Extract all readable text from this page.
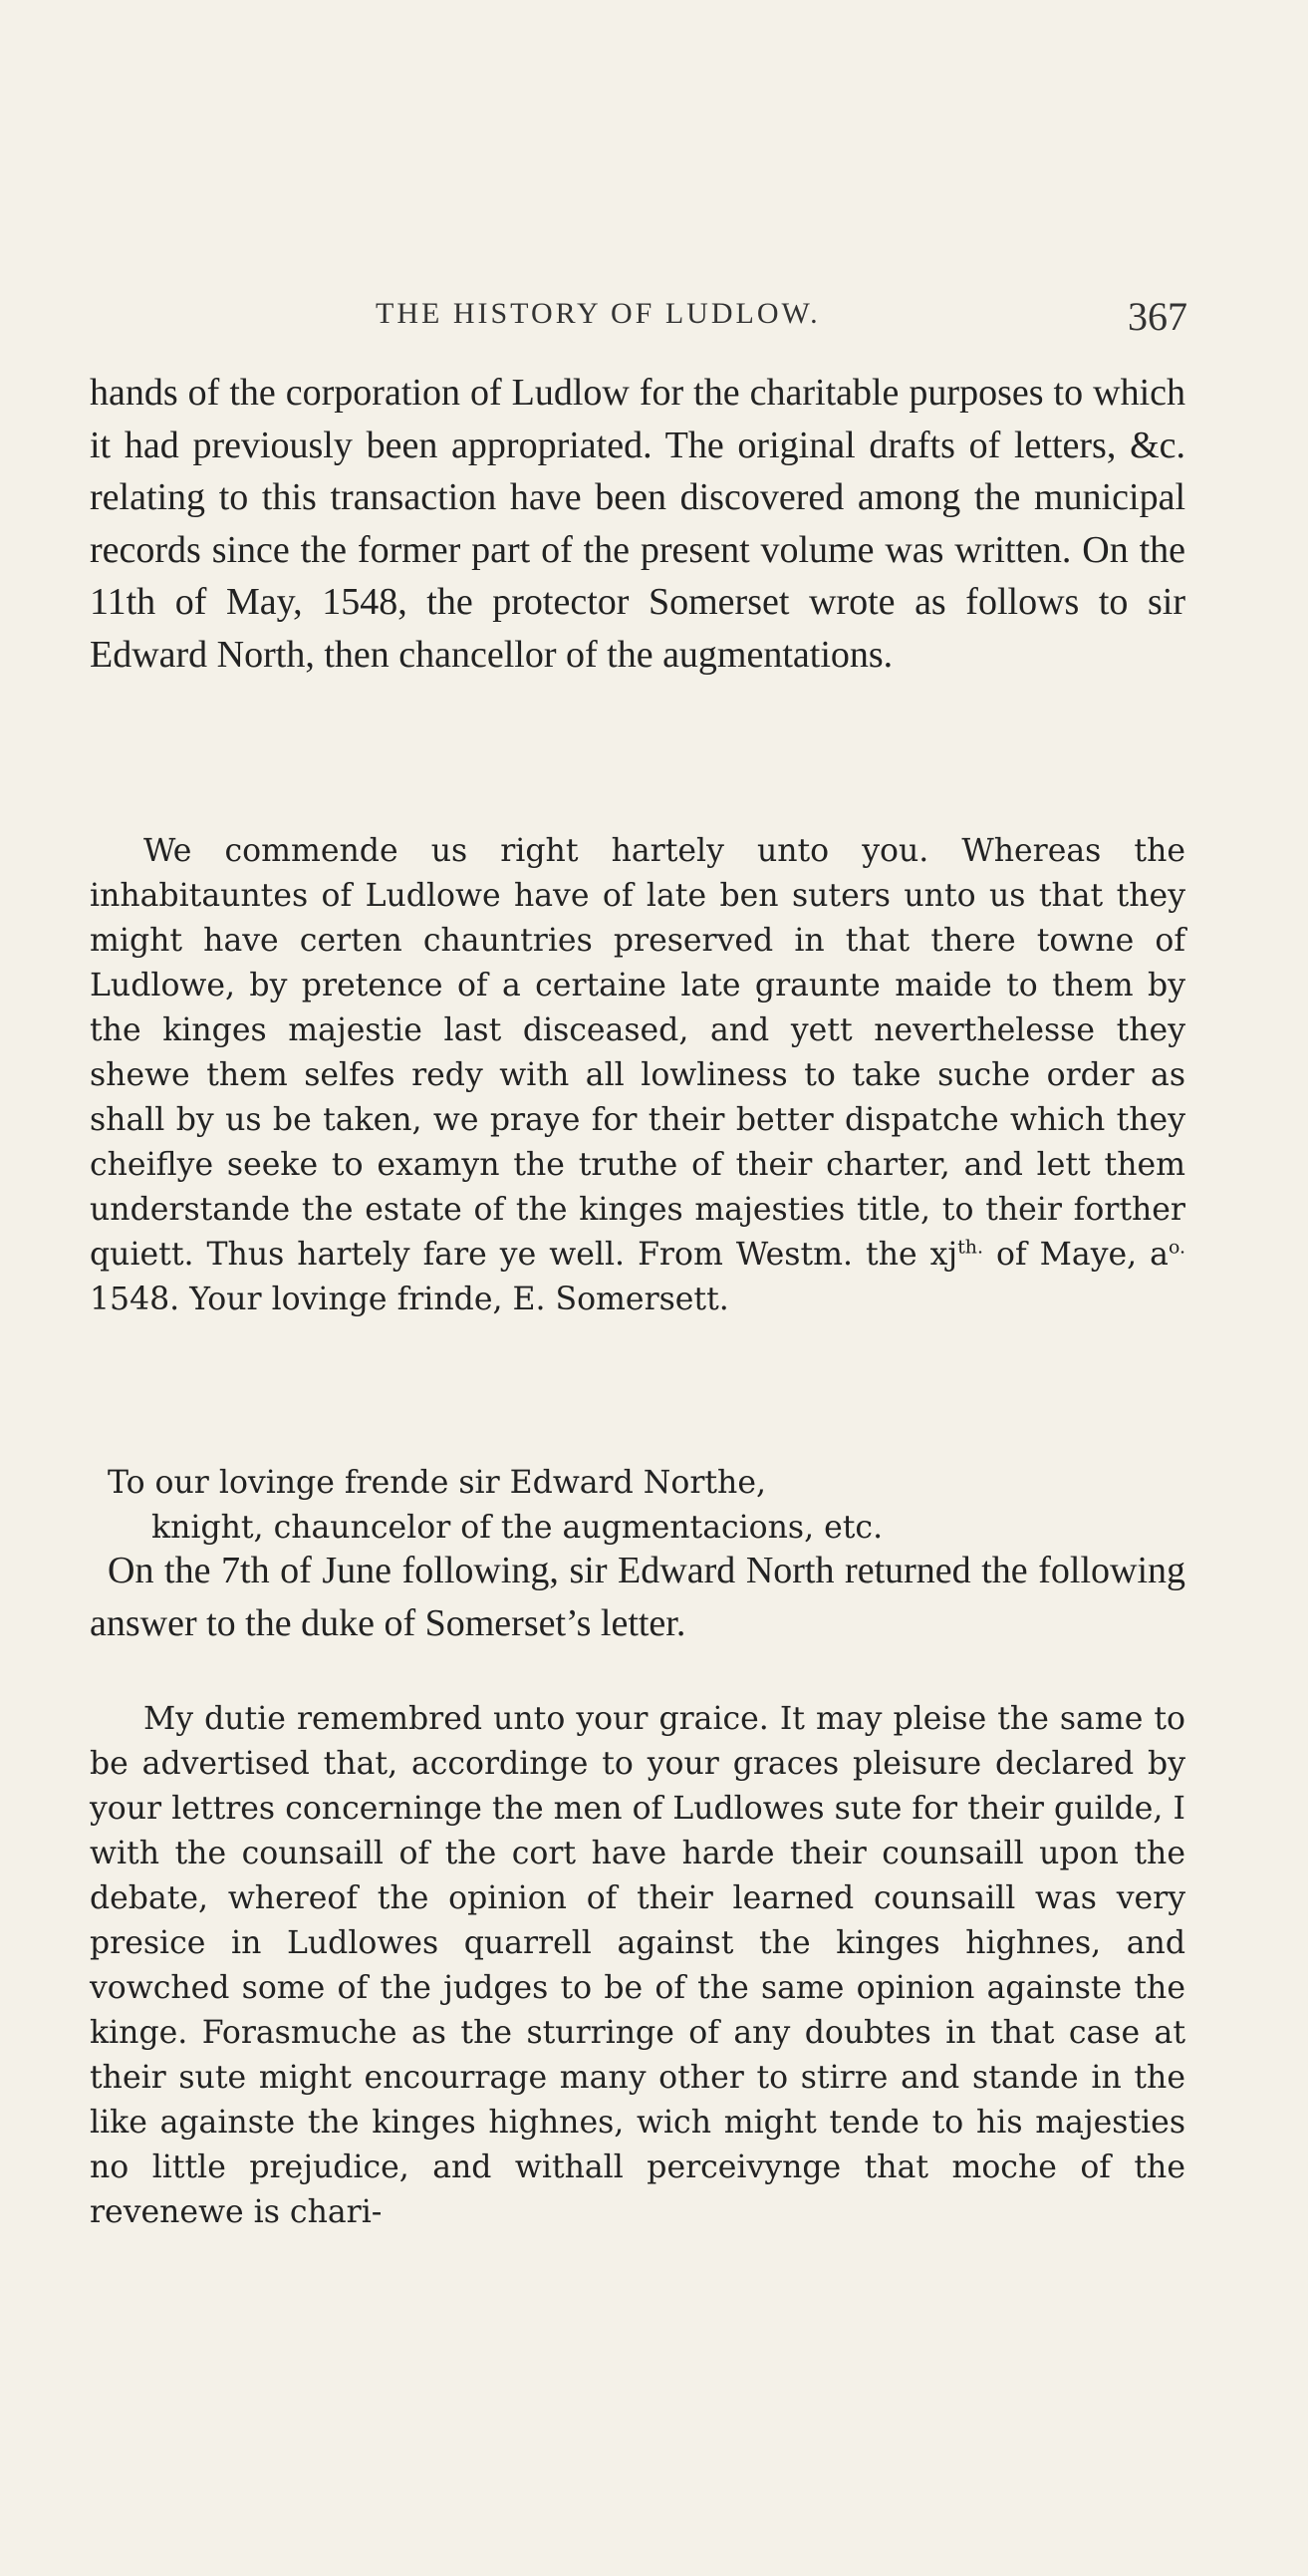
THE HISTORY OF LUDLOW.	367

hands of the corporation of Ludlow for the charitable purposes to which it had previously been appropriated. The original drafts of letters, &c. relating to this transaction have been discovered among the municipal records since the former part of the present volume was written. On the 11th of May, 1548, the protector Somerset wrote as follows to sir Edward North, then chancellor of the augmentations.

We commende us right hartely unto you. Whereas the inhabitauntes of Ludlowe have of late ben suters unto us that they might have certen chauntries preserved in that there towne of Ludlowe, by pretence of a certaine late graunte maide to them by the kinges majestie last disceased, and yett neverthelesse they shewe them selfes redy with all lowliness to take suche order as shall by us be taken, we praye for their better dispatche which they cheiflye seeke to examyn the truthe of their charter, and lett them understande the estate of the kinges majesties title, to their forther quiett. Thus hartely fare ye well. From Westm. the $xj^{th.}$ of Maye, $a^{o.}$ 1548. Your lovinge frinde, E. Somersett.

To our lovinge frende sir Edward Northe,

knight, chauncelor of the augmentacions, etc.

On the 7th of June following, sir Edward North returned the following answer to the duke of Somerset’s letter.

My dutie remembred unto your graice. It may pleise the same to be advertised that, accordinge to your graces pleisure declared by your lettres concerninge the men of Ludlowes sute for their guilde, I with the counsaill of the cort have harde their counsaill upon the debate, whereof the opinion of their learned counsaill was very presice in Ludlowes quarrell against the kinges highnes, and vowched some of the judges to be of the same opinion againste the kinge. Forasmuche as the sturringe of any doubtes in that case at their sute might encourrage many other to stirre and stande in the like againste the kinges highnes, wich might tende to his majesties no little prejudice, and withall perceivynge that moche of the revenewe is chari-
